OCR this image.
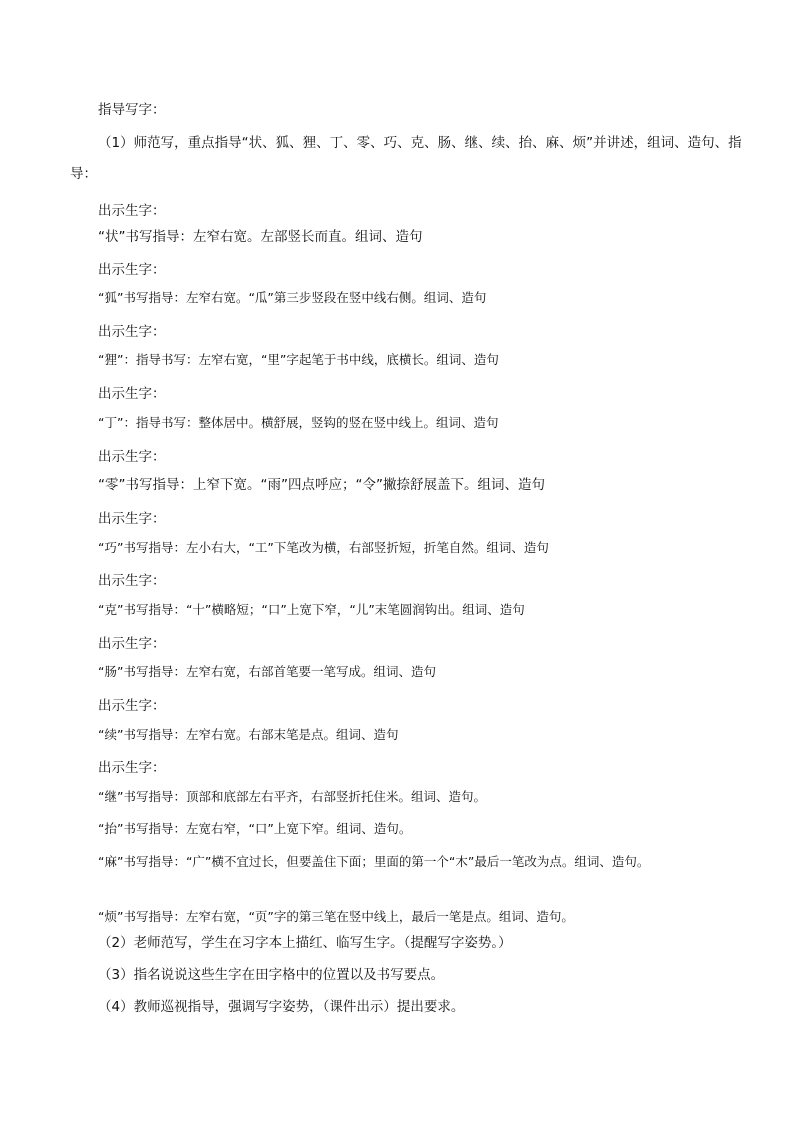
指导写字：
（1）师范写，重点指导“状、狐、狸、丁、零、巧、克、肠、继、续、抬、麻、烦”并讲述，组词、造句、指导：
出示生字：
“状”书写指导：左窄右宽。左部竖长而直。组词、造句
出示生字：
“狐”书写指导：左窄右宽。“瓜”第三步竖段在竖中线右侧。组词、造句
出示生字：
“狸”：指导书写：左窄右宽，“里”字起笔于书中线，底横长。组词、造句
出示生字：
“丁”：指导书写：整体居中。横舒展，竖钩的竖在竖中线上。组词、造句
出示生字：
“零”书写指导：上窄下宽。“雨”四点呼应；“令”撇捺舒展盖下。组词、造句
出示生字：
“巧”书写指导：左小右大，“工”下笔改为横，右部竖折短，折笔自然。组词、造句
出示生字：
“克”书写指导：“十”横略短；“口”上宽下窄，“儿”末笔圆润钩出。组词、造句
出示生字：
“肠”书写指导：左窄右宽，右部首笔要一笔写成。组词、造句
出示生字：
“续”书写指导：左窄右宽。右部末笔是点。组词、造句
出示生字：
“继”书写指导：顶部和底部左右平齐，右部竖折托住米。组词、造句。
“抬”书写指导：左宽右窄，“口”上宽下窄。组词、造句。
“麻”书写指导：“广”横不宜过长，但要盖住下面；里面的第一个“木”最后一笔改为点。组词、造句。
“烦”书写指导：左窄右宽，“页”字的第三笔在竖中线上，最后一笔是点。组词、造句。
（2）老师范写，学生在习字本上描红、临写生字。（提醒写字姿势。）
（3）指名说说这些生字在田字格中的位置以及书写要点。
（4）教师巡视指导，强调写字姿势，（课件出示）提出要求。
